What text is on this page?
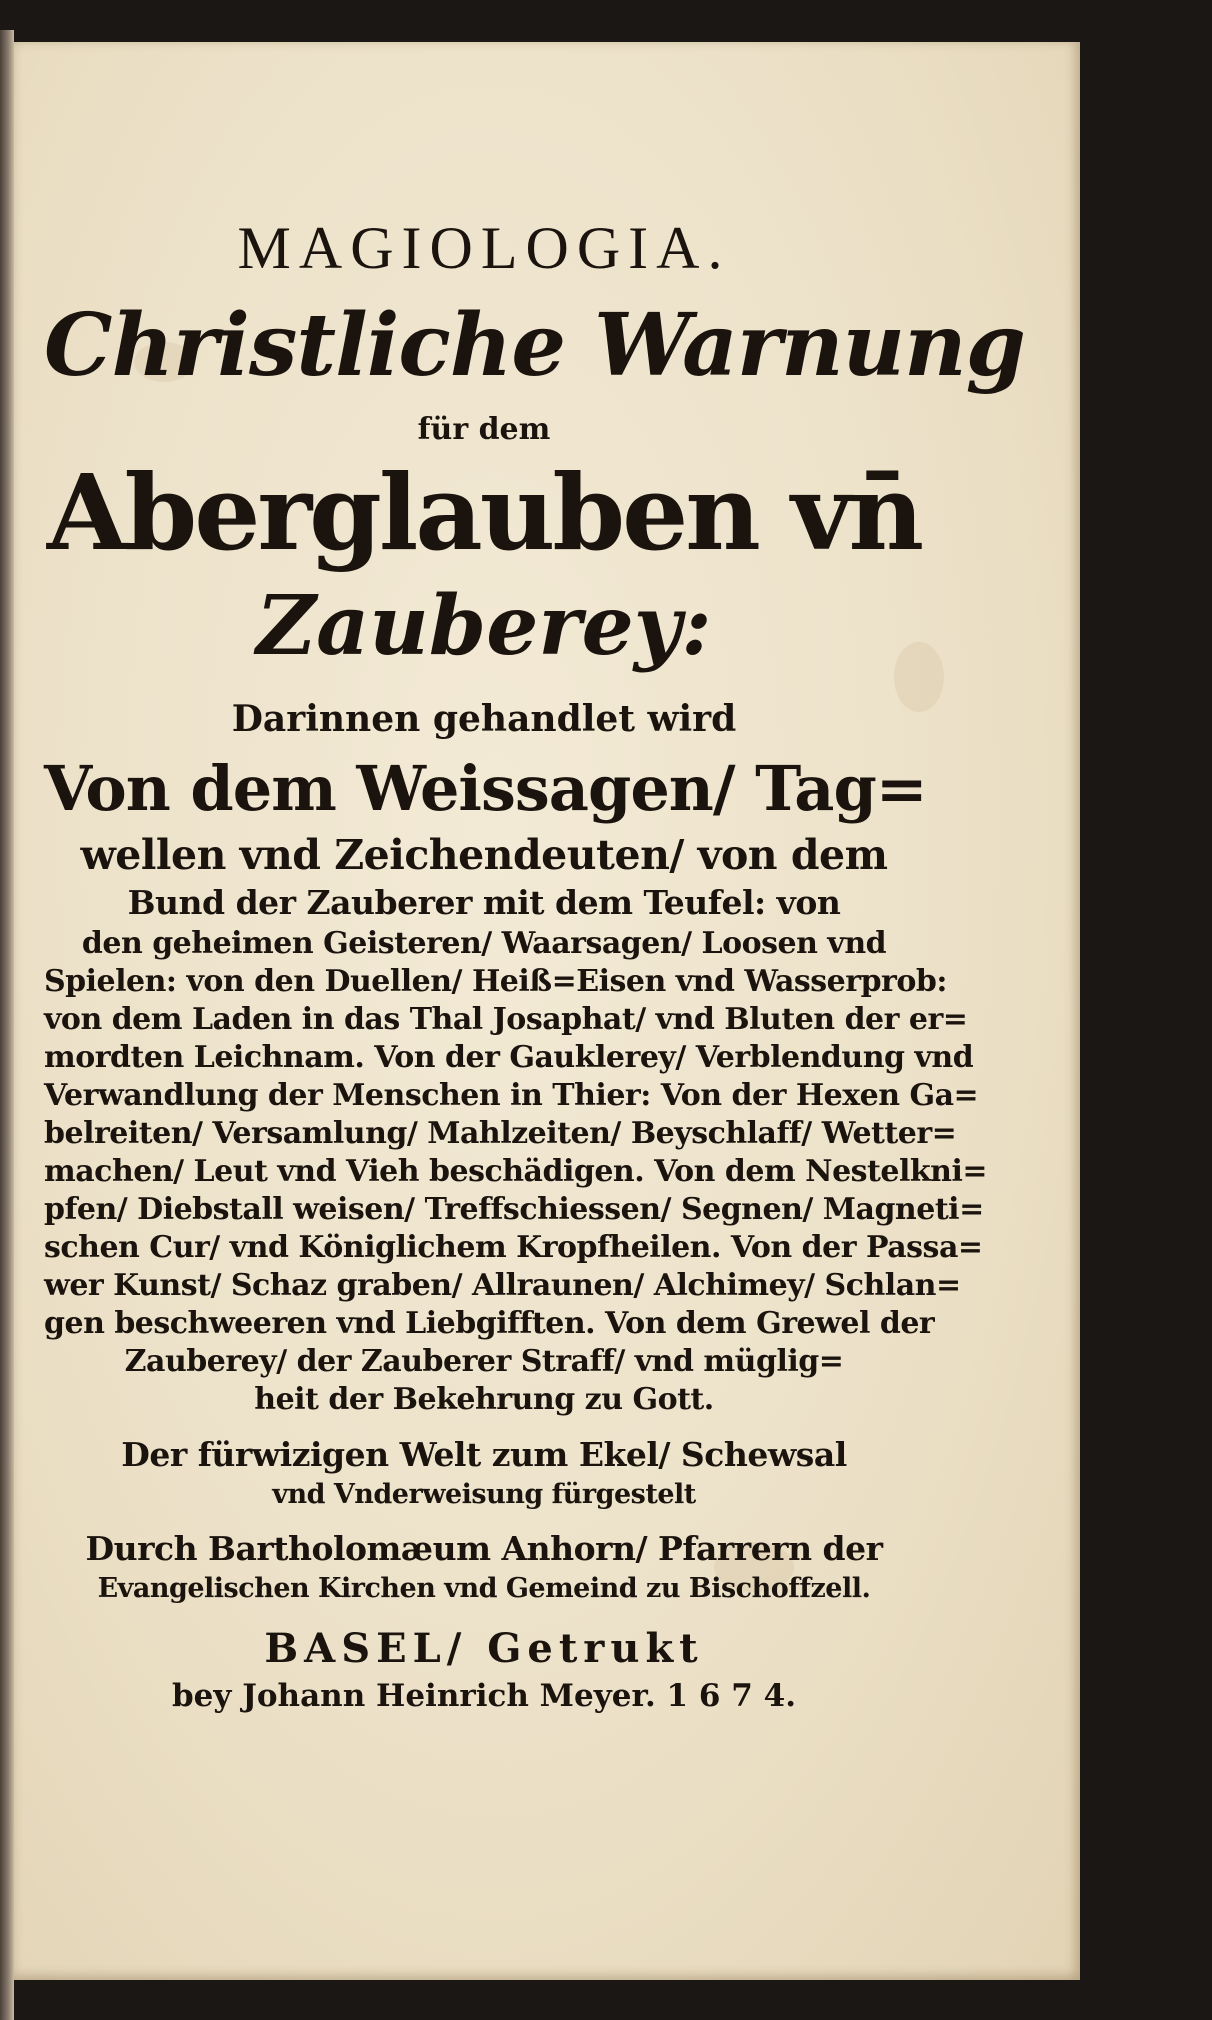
MAGIOLOGIA.
Christliche Warnung
für dem
Aberglauben vn̄
Zauberey:
Darinnen gehandlet wird
Von dem Weissagen/ Tag=
wellen vnd Zeichendeuten/ von dem
Bund der Zauberer mit dem Teufel: von
den geheimen Geisteren/ Waarsagen/ Loosen vnd
Spielen: von den Duellen/ Heiß=Eisen vnd Wasserprob:
von dem Laden in das Thal Josaphat/ vnd Bluten der er=
mordten Leichnam. Von der Gauklerey/ Verblendung vnd
Verwandlung der Menschen in Thier: Von der Hexen Ga=
belreiten/ Versamlung/ Mahlzeiten/ Beyschlaff/ Wetter=
machen/ Leut vnd Vieh beschädigen. Von dem Nestelkni=
pfen/ Diebstall weisen/ Treffschiessen/ Segnen/ Magneti=
schen Cur/ vnd Königlichem Kropfheilen. Von der Passa=
wer Kunst/ Schaz graben/ Allraunen/ Alchimey/ Schlan=
gen beschweeren vnd Liebgifften. Von dem Grewel der
Zauberey/ der Zauberer Straff/ vnd müglig=
heit der Bekehrung zu Gott.
Der fürwizigen Welt zum Ekel/ Schewsal
vnd Vnderweisung fürgestelt
Durch Bartholomæum Anhorn/ Pfarrern der
Evangelischen Kirchen vnd Gemeind zu Bischoffzell.
BASEL/ Getrukt
bey Johann Heinrich Meyer. 1 6 7 4.
